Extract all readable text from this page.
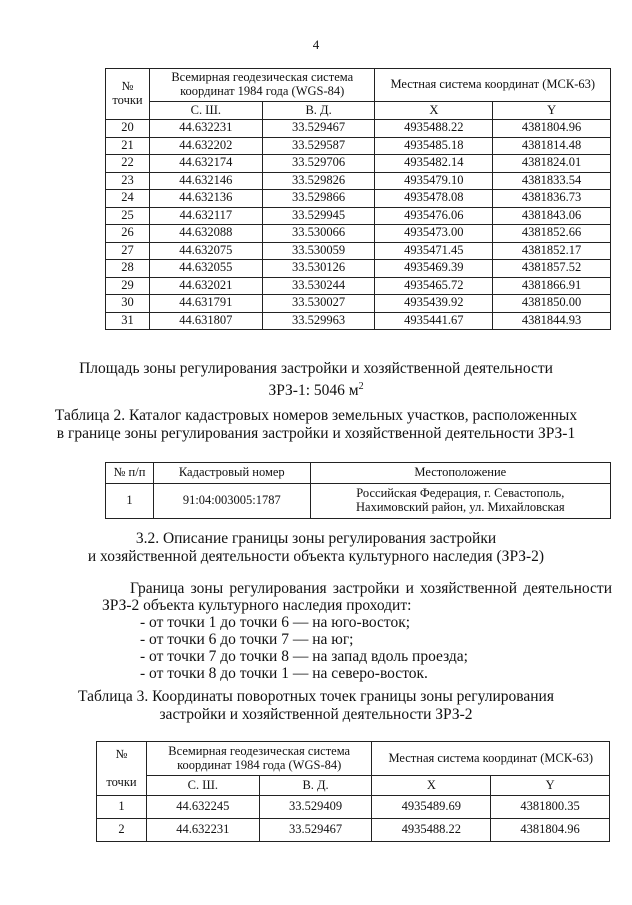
4
№ точки	Всемирная геодезическая система координат 1984 года (WGS-84)		Местная система координат (МСК-63)	
	С. Ш.	В. Д.	X	Y
20	44.632231	33.529467	4935488.22	4381804.96
21	44.632202	33.529587	4935485.18	4381814.48
22	44.632174	33.529706	4935482.14	4381824.01
23	44.632146	33.529826	4935479.10	4381833.54
24	44.632136	33.529866	4935478.08	4381836.73
25	44.632117	33.529945	4935476.06	4381843.06
26	44.632088	33.530066	4935473.00	4381852.66
27	44.632075	33.530059	4935471.45	4381852.17
28	44.632055	33.530126	4935469.39	4381857.52
29	44.632021	33.530244	4935465.72	4381866.91
30	44.631791	33.530027	4935439.92	4381850.00
31	44.631807	33.529963	4935441.67	4381844.93
Площадь зоны регулирования застройки и хозяйственной деятельности
ЗРЗ-1: 5046 $м^2$
Таблица 2. Каталог кадастровых номеров земельных участков, расположенных
в границе зоны регулирования застройки и хозяйственной деятельности ЗРЗ-1
№ п/п	Кадастровый номер	Местоположение
1	91:04:003005:1787	Российская Федерация, г. Севастополь,
Нахимовский район, ул. Михайловская
3.2. Описание границы зоны регулирования застройки
и хозяйственной деятельности объекта культурного наследия (ЗРЗ-2)
Граница зоны регулирования застройки и хозяйственной деятельности ЗРЗ-2 объекта культурного наследия проходит:
- от точки 1 до точки 6 — на юго-восток;
- от точки 6 до точки 7 — на юг;
- от точки 7 до точки 8 — на запад вдоль проезда;
- от точки 8 до точки 1 — на северо-восток.
Таблица 3. Координаты поворотных точек границы зоны регулирования
застройки и хозяйственной деятельности ЗРЗ-2
№
точки	Всемирная геодезическая система координат 1984 года (WGS-84)		Местная система координат (МСК-63)	
	С. Ш.	В. Д.	X	Y
1	44.632245	33.529409	4935489.69	4381800.35
2	44.632231	33.529467	4935488.22	4381804.96
